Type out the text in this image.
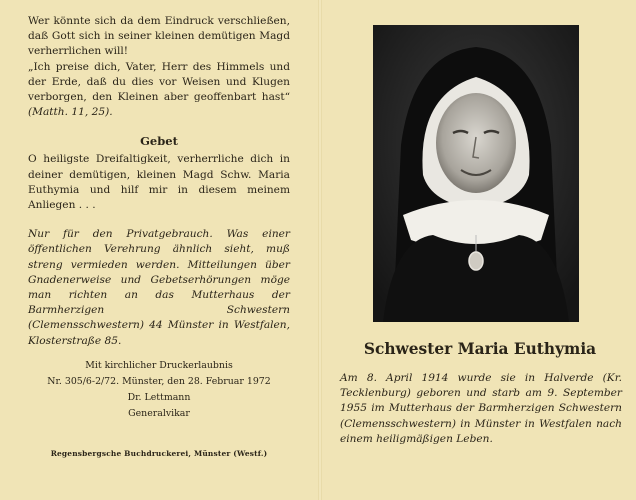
Wer könnte sich da dem Eindruck verschließen, daß Gott sich in seiner kleinen demütigen Magd verherrlichen will!

„Ich preise dich, Vater, Herr des Himmels und der Erde, daß du dies vor Weisen und Klugen verborgen, den Kleinen aber geoffenbart hast“ (Matth. 11, 25).

Gebet

O heiligste Dreifaltigkeit, verherrliche dich in deiner demütigen, kleinen Magd Schw. Maria Euthymia und hilf mir in diesem meinem Anliegen . . .

Nur für den Privatgebrauch. Was einer öffentlichen Verehrung ähnlich sieht, muß streng vermieden werden. Mitteilungen über Gnadenerweise und Gebetserhörungen möge man richten an das Mutterhaus der Barmherzigen Schwestern (Clemensschwestern) 44 Münster in Westfalen, Klosterstraße 85.

Mit kirchlicher Druckerlaubnis
Nr. 305/6-2/72. Münster, den 28. Februar 1972
Dr. Lettmann
Generalvikar
Regensbergsche Buchdruckerei, Münster (Westf.)
Schwester Maria Euthymia

Am 8. April 1914 wurde sie in Halverde (Kr. Tecklenburg) geboren und starb am 9. September 1955 im Mutterhaus der Barmherzigen Schwestern (Clemensschwestern) in Münster in Westfalen nach einem heiligmäßigen Leben.
